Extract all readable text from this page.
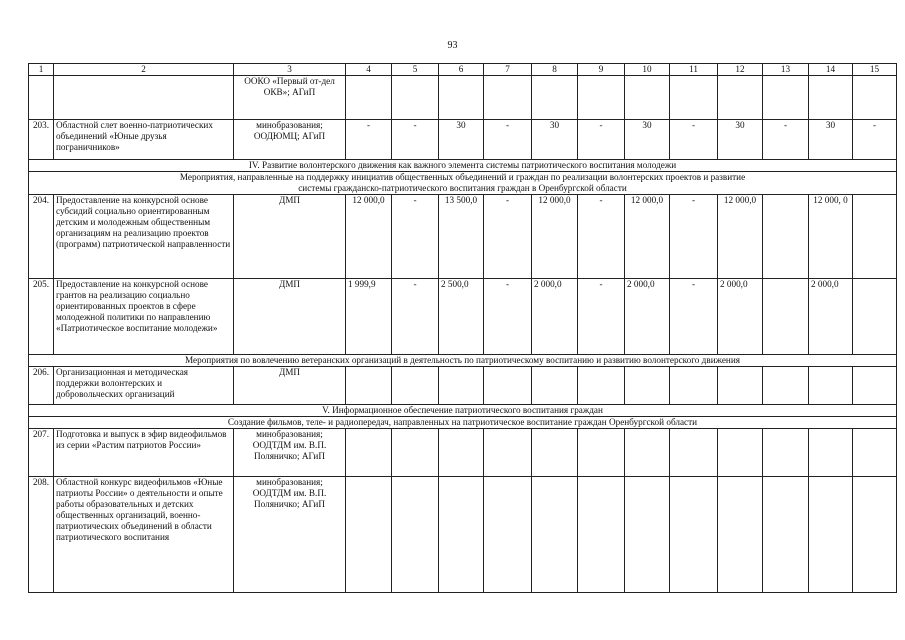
93
1	2	3	4	5	6	7	8	9	10	11	12	13	14	15
		ООКО «Первый от-дел ОКВ»; АГиП												
203.	Областной слет военно-патриотических объединений «Юные друзья пограничников»	минобразования; ООДЮМЦ; АГиП	-	-	30	-	30	-	30	-	30	-	30	-
IV. Развитие волонтерского движения как важного элемента системы патриотического воспитания молодежи														
Мероприятия, направленные на поддержку инициатив общественных объединений и граждан по реализации волонтерских проектов и развитие системы гражданско-патриотического воспитания граждан в Оренбургской области														
204.	Предоставление на конкурсной основе субсидий социально ориентированным детским и молодежным общественным организациям на реализацию проектов (программ) патриотической направленности	ДМП	12 000,0	-	13 500,0	-	12 000,0	-	12 000,0	-	12 000,0		12 000, 0	
205.	Предоставление на конкурсной основе грантов на реализацию социально ориентированных проектов в сфере молодежной политики по направлению «Патриотическое воспитание молодежи»	ДМП	1 999,9	-	2 500,0	-	2 000,0	-	2 000,0	-	2 000,0		2 000,0	
Мероприятия по вовлечению ветеранских организаций в деятельность по патриотическому воспитанию и развитию волонтерского движения														
206.	Организационная и методическая поддержки волонтерских и добровольческих организаций	ДМП												
V. Информационное обеспечение патриотического воспитания граждан														
Создание фильмов, теле- и радиопередач, направленных на патриотическое воспитание граждан Оренбургской области														
207.	Подготовка и выпуск в эфир видеофильмов из серии «Растим патриотов России»	минобразования; ООДТДМ им. В.П. Поляничко; АГиП												
208.	Областной конкурс видеофильмов «Юные патриоты России» о деятельности и опыте работы образовательных и детских общественных организаций, военно-патриотических объединений в области патриотического воспитания	минобразования; ООДТДМ им. В.П. Поляничко; АГиП												
